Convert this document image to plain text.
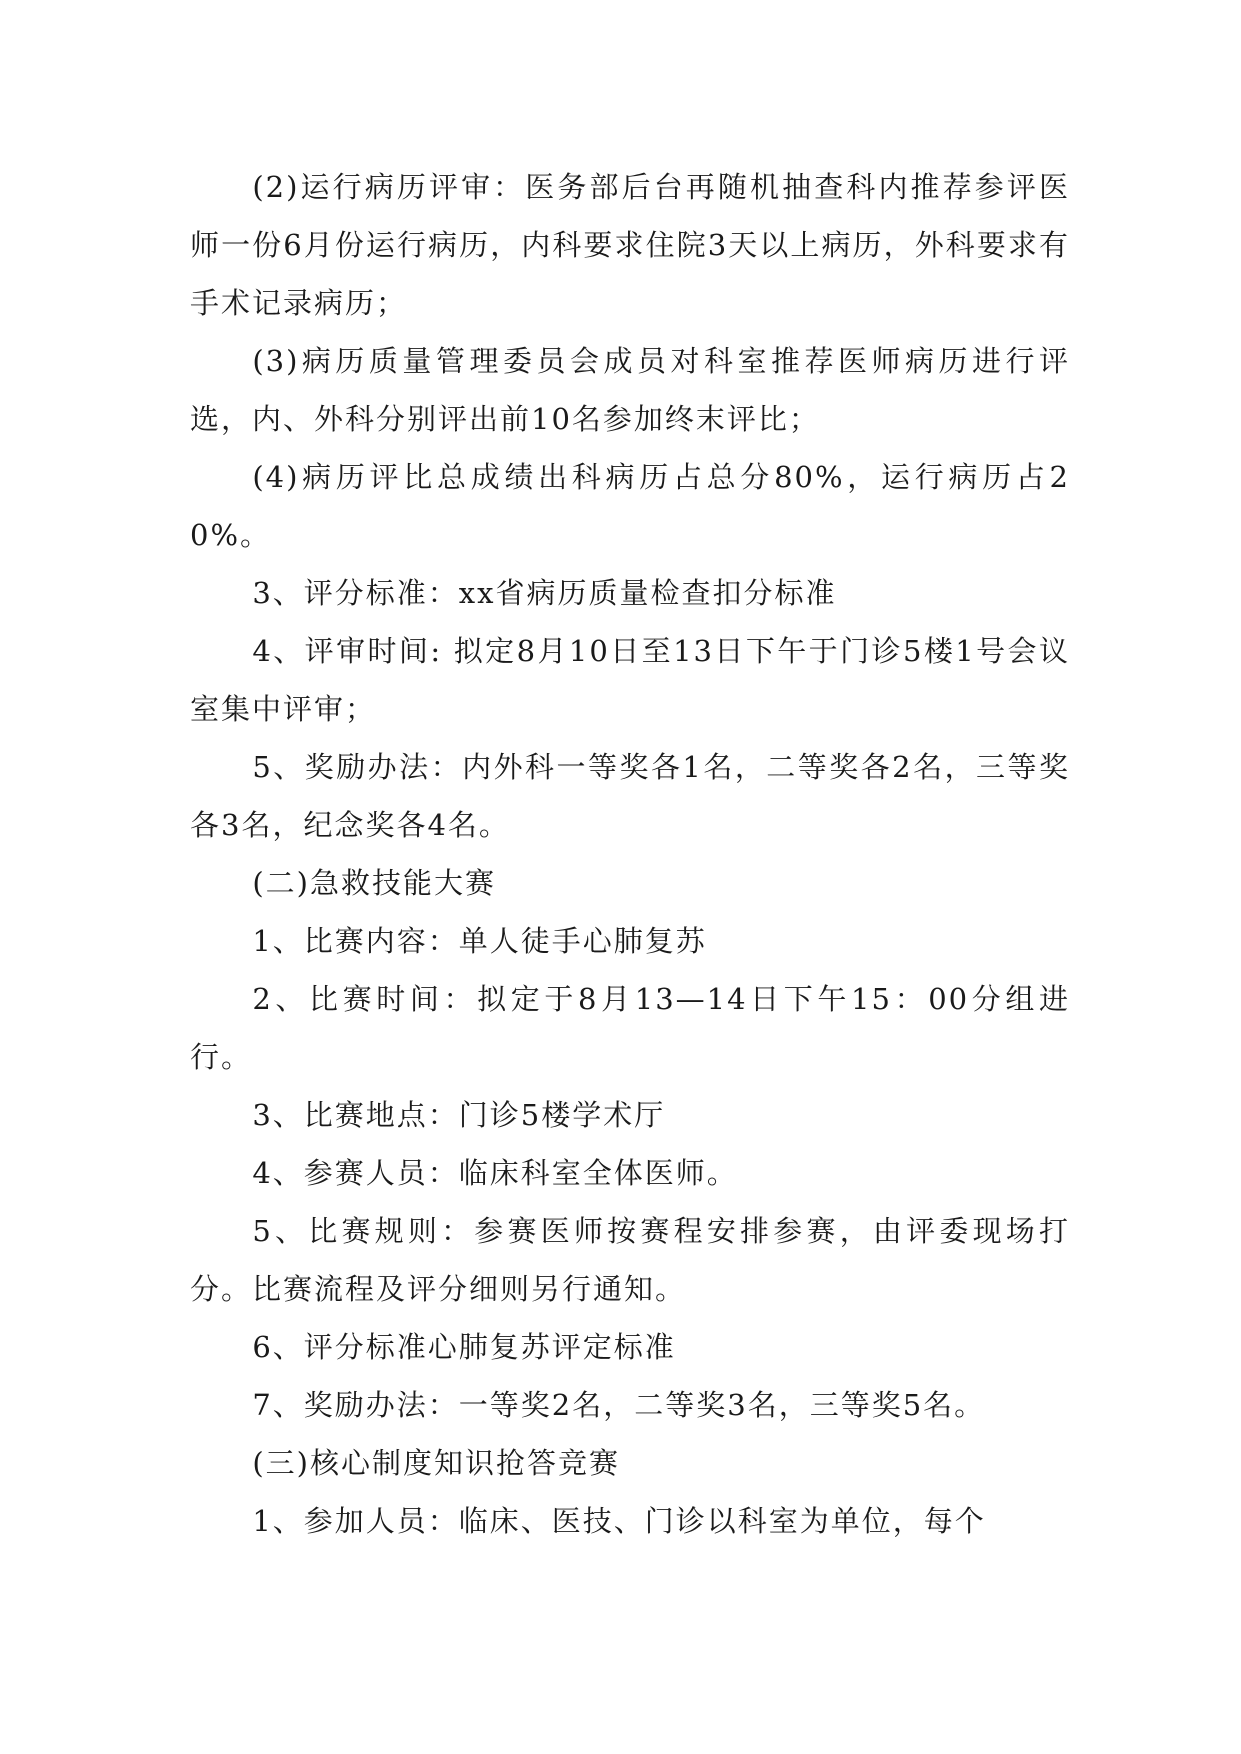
(2)运行病历评审：医务部后台再随机抽查科内推荐参评医师一份6月份运行病历，内科要求住院3天以上病历，外科要求有手术记录病历；

(3)病历质量管理委员会成员对科室推荐医师病历进行评选，内、外科分别评出前10名参加终末评比；

(4)病历评比总成绩出科病历占总分80%，运行病历占20%。

3、评分标准：xx省病历质量检查扣分标准

4、评审时间: 拟定8月10日至13日下午于门诊5楼1号会议室集中评审；

5、奖励办法：内外科一等奖各1名，二等奖各2名，三等奖各3名，纪念奖各4名。

(二)急救技能大赛

1、比赛内容：单人徒手心肺复苏

2、比赛时间：拟定于8月13—14日下午15：00分组进行。

3、比赛地点：门诊5楼学术厅

4、参赛人员：临床科室全体医师。

5、比赛规则：参赛医师按赛程安排参赛，由评委现场打分。比赛流程及评分细则另行通知。

6、评分标准心肺复苏评定标准

7、奖励办法：一等奖2名，二等奖3名，三等奖5名。

(三)核心制度知识抢答竞赛

1、参加人员：临床、医技、门诊以科室为单位，每个
